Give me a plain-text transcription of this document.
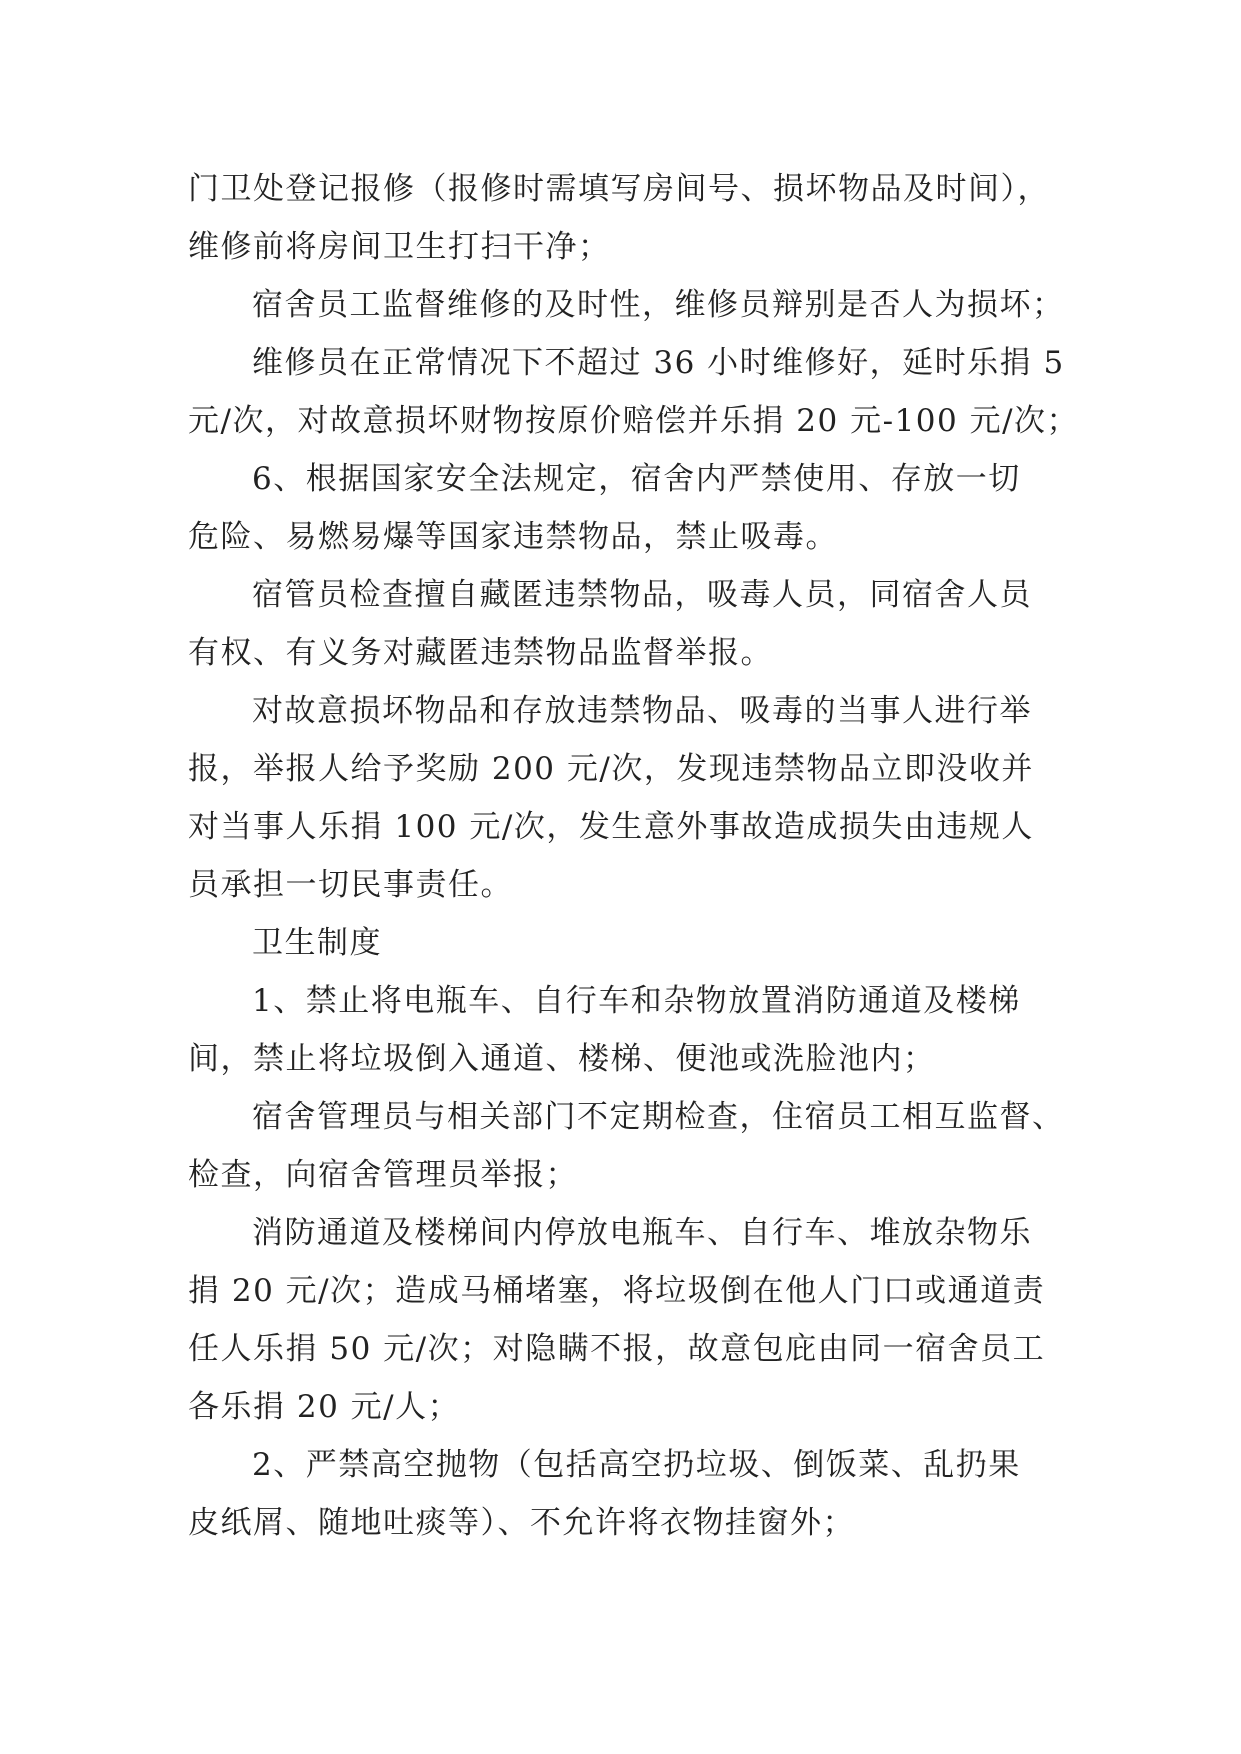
门卫处登记报修（报修时需填写房间号、损坏物品及时间），
维修前将房间卫生打扫干净；

宿舍员工监督维修的及时性，维修员辩别是否人为损坏；

维修员在正常情况下不超过 36 小时维修好，延时乐捐 5
元/次，对故意损坏财物按原价赔偿并乐捐 20 元-100 元/次；

6、根据国家安全法规定，宿舍内严禁使用、存放一切
危险、易燃易爆等国家违禁物品，禁止吸毒。

宿管员检查擅自藏匿违禁物品，吸毒人员，同宿舍人员
有权、有义务对藏匿违禁物品监督举报。

对故意损坏物品和存放违禁物品、吸毒的当事人进行举
报，举报人给予奖励 200 元/次，发现违禁物品立即没收并
对当事人乐捐 100 元/次，发生意外事故造成损失由违规人
员承担一切民事责任。

卫生制度

1、禁止将电瓶车、自行车和杂物放置消防通道及楼梯
间，禁止将垃圾倒入通道、楼梯、便池或洗脸池内；

宿舍管理员与相关部门不定期检查，住宿员工相互监督、
检查，向宿舍管理员举报；

消防通道及楼梯间内停放电瓶车、自行车、堆放杂物乐
捐 20 元/次；造成马桶堵塞，将垃圾倒在他人门口或通道责
任人乐捐 50 元/次；对隐瞒不报，故意包庇由同一宿舍员工
各乐捐 20 元/人；

2、严禁高空抛物（包括高空扔垃圾、倒饭菜、乱扔果
皮纸屑、随地吐痰等）、不允许将衣物挂窗外；
